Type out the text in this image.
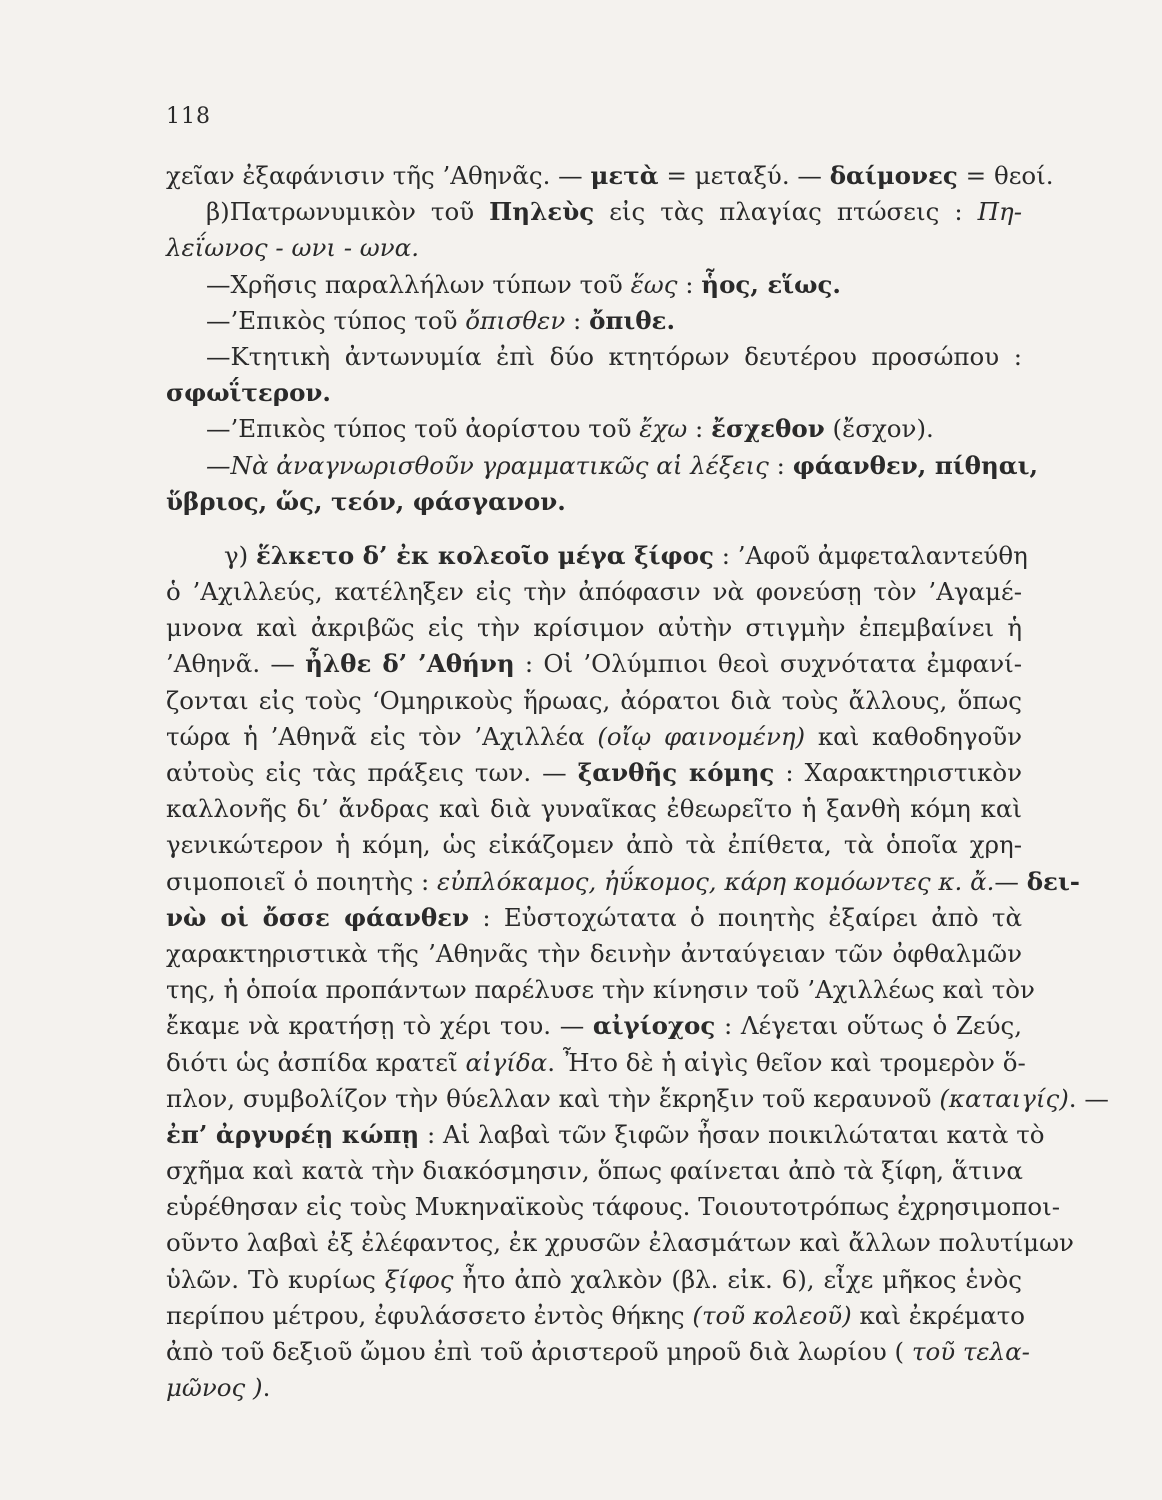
118
χεῖαν ἐξαφάνισιν τῆς ’Αθηνᾶς. — μετὰ = μεταξύ. — δαίμονες = θεοί.
β)Πατρωνυμικὸν τοῦ Πηλεὺς εἰς τὰς πλαγίας πτώσεις : Πη-
λεΐωνος - ωνι - ωνα.
—Χρῆσις παραλλήλων τύπων τοῦ ἕως : ἧος, εἵως.
—’Επικὸς τύπος τοῦ ὄπισθεν : ὄπιθε.
—Κτητικὴ ἀντωνυμία ἐπὶ δύο κτητόρων δευτέρου προσώπου :
σφωΐτερον.
—’Επικὸς τύπος τοῦ ἀορίστου τοῦ ἔχω : ἔσχεθον (ἔσχον).
—Νὰ ἀναγνωρισθοῦν γραμματικῶς αἱ λέξεις : φάανθεν, πίθηαι,
ὕβριος, ὥς, τεόν, φάσγανον.
γ) ἕλκετο δ’ ἐκ κολεοῖο μέγα ξίφος : ’Αφοῦ ἀμφεταλαντεύθη
ὁ ’Αχιλλεύς, κατέληξεν εἰς τὴν ἀπόφασιν νὰ φονεύσῃ τὸν ’Αγαμέ-
μνονα καὶ ἀκριβῶς εἰς τὴν κρίσιμον αὐτὴν στιγμὴν ἐπεμβαίνει ἡ
’Αθηνᾶ. — ἦλθε δ’ ’Αθήνη : Οἱ ’Ολύμπιοι θεοὶ συχνότατα ἐμφανί-
ζονται εἰς τοὺς ‘Ομηρικοὺς ἥρωας, ἀόρατοι διὰ τοὺς ἄλλους, ὅπως
τώρα ἡ ’Αθηνᾶ εἰς τὸν ’Αχιλλέα (οἴῳ φαινομένη) καὶ καθοδηγοῦν
αὐτοὺς εἰς τὰς πράξεις των. — ξανθῆς κόμης : Χαρακτηριστικὸν
καλλονῆς δι’ ἄνδρας καὶ διὰ γυναῖκας ἐθεωρεῖτο ἡ ξανθὴ κόμη καὶ
γενικώτερον ἡ κόμη, ὡς εἰκάζομεν ἀπὸ τὰ ἐπίθετα, τὰ ὁποῖα χρη-
σιμοποιεῖ ὁ ποιητὴς : εὐπλόκαμος, ἠΰκομος, κάρη κομόωντες κ. ἄ.— δει-
νὼ οἱ ὄσσε φάανθεν : Εὐστοχώτατα ὁ ποιητὴς ἐξαίρει ἀπὸ τὰ
χαρακτηριστικὰ τῆς ’Αθηνᾶς τὴν δεινὴν ἀνταύγειαν τῶν ὀφθαλμῶν
της, ἡ ὁποία προπάντων παρέλυσε τὴν κίνησιν τοῦ ’Αχιλλέως καὶ τὸν
ἔκαμε νὰ κρατήσῃ τὸ χέρι του. — αἰγίοχος : Λέγεται οὕτως ὁ Ζεύς,
διότι ὡς ἀσπίδα κρατεῖ αἰγίδα. Ἦτο δὲ ἡ αἰγὶς θεῖον καὶ τρομερὸν ὅ-
πλον, συμβολίζον τὴν θύελλαν καὶ τὴν ἔκρηξιν τοῦ κεραυνοῦ (καταιγίς). —
ἐπ’ ἀργυρέῃ κώπῃ : Αἱ λαβαὶ τῶν ξιφῶν ἦσαν ποικιλώταται κατὰ τὸ
σχῆμα καὶ κατὰ τὴν διακόσμησιν, ὅπως φαίνεται ἀπὸ τὰ ξίφη, ἅτινα
εὑρέθησαν εἰς τοὺς Μυκηναϊκοὺς τάφους. Τοιουτοτρόπως ἐχρησιμοποι-
οῦντο λαβαὶ ἐξ ἐλέφαντος, ἐκ χρυσῶν ἐλασμάτων καὶ ἄλλων πολυτίμων
ὑλῶν. Τὸ κυρίως ξίφος ἦτο ἀπὸ χαλκὸν (βλ. εἰκ. 6), εἶχε μῆκος ἑνὸς
περίπου μέτρου, ἐφυλάσσετο ἐντὸς θήκης (τοῦ κολεοῦ) καὶ ἐκρέματο
ἀπὸ τοῦ δεξιοῦ ὤμου ἐπὶ τοῦ ἀριστεροῦ μηροῦ διὰ λωρίου ( τοῦ τελα-
μῶνος ).
